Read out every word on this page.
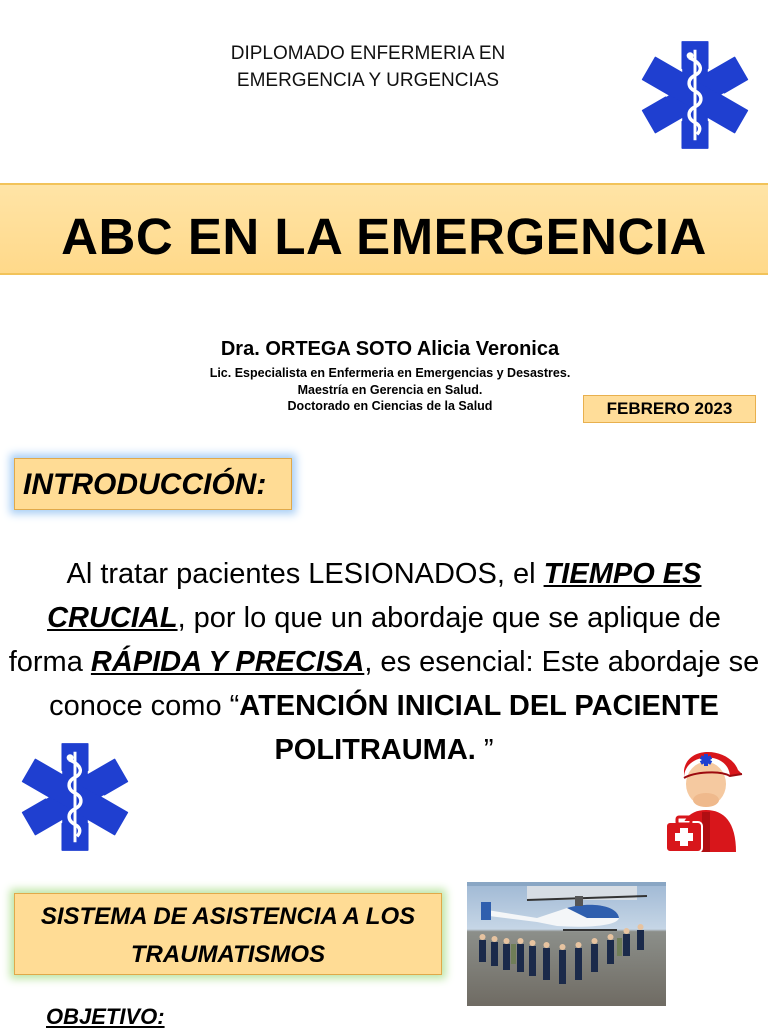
DIPLOMADO ENFERMERIA EN
EMERGENCIA Y URGENCIAS
ABC EN LA EMERGENCIA
Dra. ORTEGA SOTO Alicia Veronica
Lic. Especialista en Enfermeria en Emergencias y Desastres.
Maestría en Gerencia en Salud.
Doctorado en Ciencias de la Salud	FEBRERO 2023
INTRODUCCIÓN:
Al tratar pacientes LESIONADOS, el TIEMPO ES CRUCIAL, por lo que un abordaje que se aplique de forma RÁPIDA Y PRECISA, es esencial: Este abordaje se conoce como “ATENCIÓN INICIAL DEL PACIENTE POLITRAUMA. ”
SISTEMA DE ASISTENCIA A LOS
TRAUMATISMOS
OBJETIVO:
